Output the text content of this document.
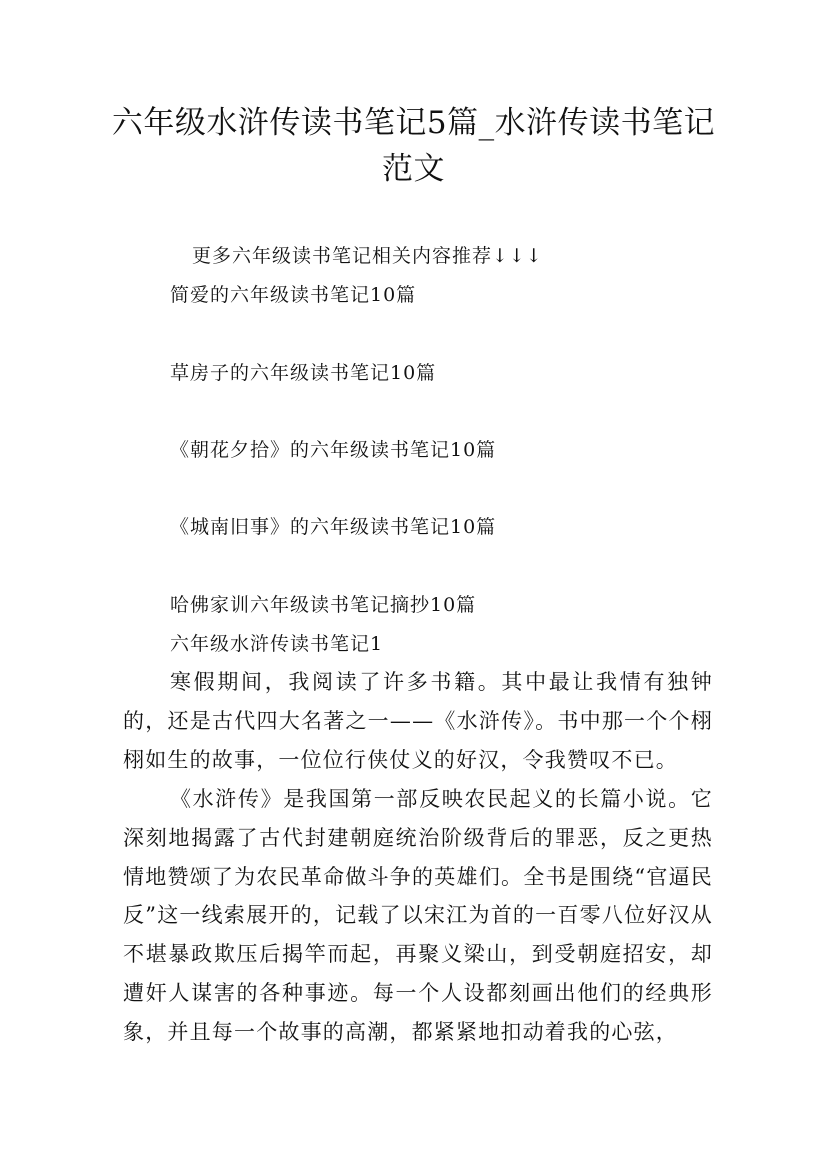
六年级水浒传读书笔记5篇_水浒传读书笔记范文
更多六年级读书笔记相关内容推荐↓↓↓
简爱的六年级读书笔记10篇
草房子的六年级读书笔记10篇
《朝花夕拾》的六年级读书笔记10篇
《城南旧事》的六年级读书笔记10篇
哈佛家训六年级读书笔记摘抄10篇
六年级水浒传读书笔记1

寒假期间，我阅读了许多书籍。其中最让我情有独钟的，还是古代四大名著之一——《水浒传》。书中那一个个栩栩如生的故事，一位位行侠仗义的好汉，令我赞叹不已。

《水浒传》是我国第一部反映农民起义的长篇小说。它深刻地揭露了古代封建朝庭统治阶级背后的罪恶，反之更热情地赞颂了为农民革命做斗争的英雄们。全书是围绕“官逼民反”这一线索展开的，记载了以宋江为首的一百零八位好汉从不堪暴政欺压后揭竿而起，再聚义梁山，到受朝庭招安，却遭奸人谋害的各种事迹。每一个人设都刻画出他们的经典形象，并且每一个故事的高潮，都紧紧地扣动着我的心弦，
